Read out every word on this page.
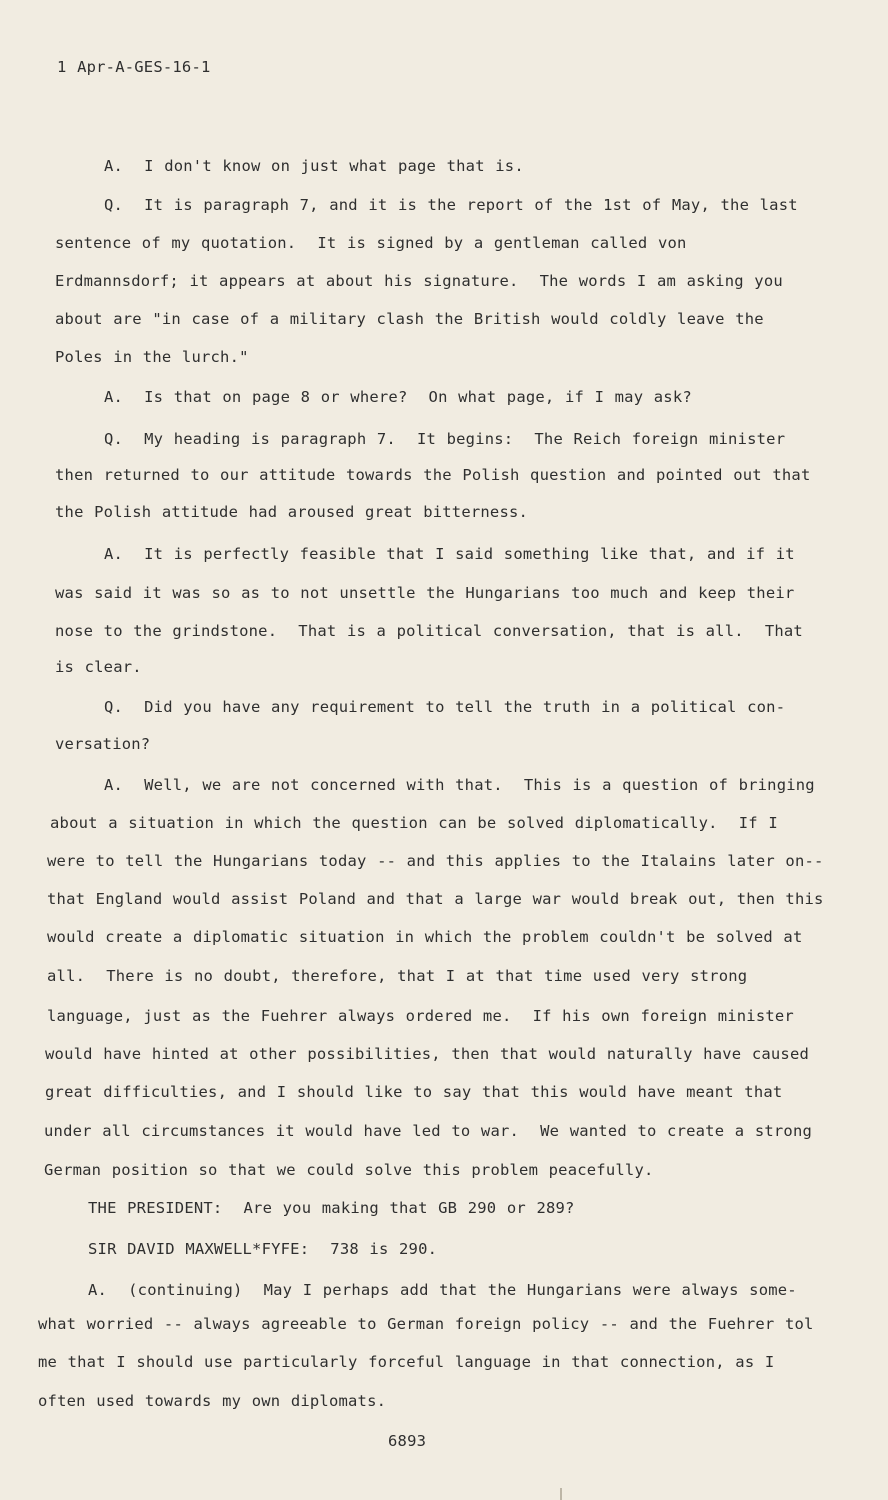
1 Apr-A-GES-16-1
A.  I don't know on just what page that is.
Q.  It is paragraph 7, and it is the report of the 1st of May, the last
sentence of my quotation.  It is signed by a gentleman called von
Erdmannsdorf; it appears at about his signature.  The words I am asking you
about are "in case of a military clash the British would coldly leave the
Poles in the lurch."
A.  Is that on page 8 or where?  On what page, if I may ask?
Q.  My heading is paragraph 7.  It begins:  The Reich foreign minister
then returned to our attitude towards the Polish question and pointed out that
the Polish attitude had aroused great bitterness.
A.  It is perfectly feasible that I said something like that, and if it
was said it was so as to not unsettle the Hungarians too much and keep their
nose to the grindstone.  That is a political conversation, that is all.  That
is clear.
Q.  Did you have any requirement to tell the truth in a political con-
versation?
A.  Well, we are not concerned with that.  This is a question of bringing
about a situation in which the question can be solved diplomatically.  If I
were to tell the Hungarians today -- and this applies to the Italains later on--
that England would assist Poland and that a large war would break out, then this
would create a diplomatic situation in which the problem couldn't be solved at
all.  There is no doubt, therefore, that I at that time used very strong
language, just as the Fuehrer always ordered me.  If his own foreign minister
would have hinted at other possibilities, then that would naturally have caused
great difficulties, and I should like to say that this would have meant that
under all circumstances it would have led to war.  We wanted to create a strong
German position so that we could solve this problem peacefully.
THE PRESIDENT:  Are you making that GB 290 or 289?
SIR DAVID MAXWELL*FYFE:  738 is 290.
A.  (continuing)  May I perhaps add that the Hungarians were always some-
what worried -- always agreeable to German foreign policy -- and the Fuehrer tol
me that I should use particularly forceful language in that connection, as I
often used towards my own diplomats.
6893
